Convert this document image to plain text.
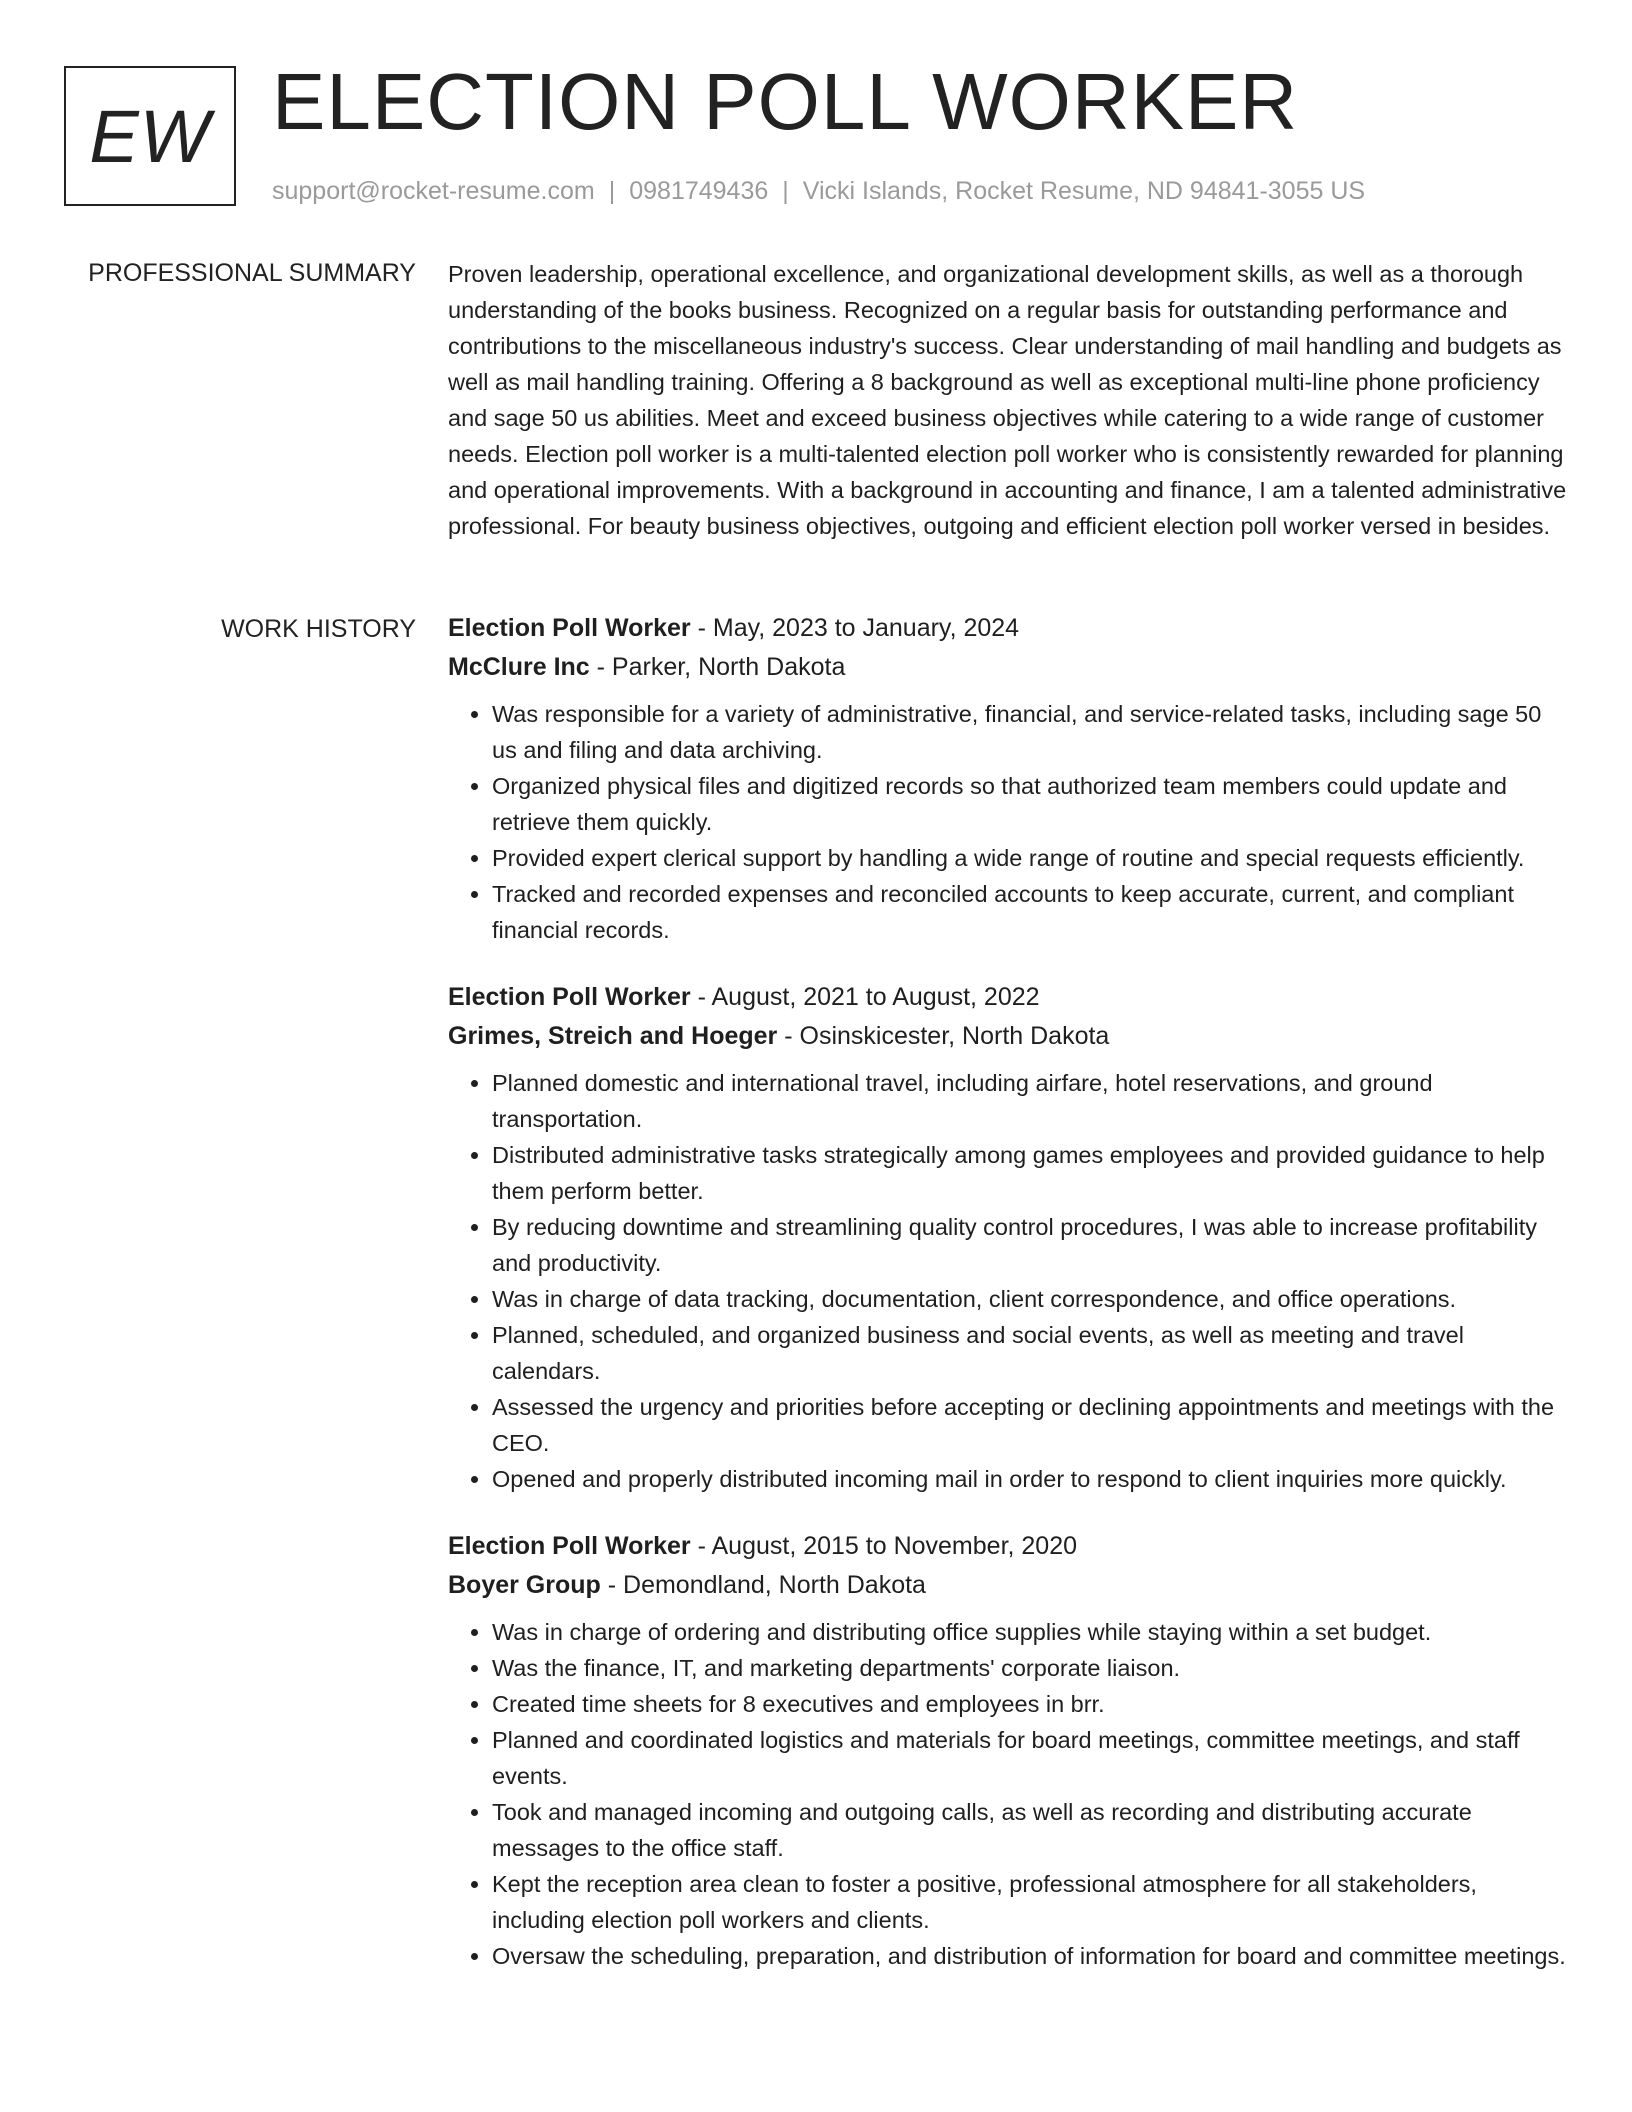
EW ELECTION POLL WORKER
support@rocket-resume.com | 0981749436 | Vicki Islands, Rocket Resume, ND 94841-3055 US
PROFESSIONAL SUMMARY Proven leadership, operational excellence, and organizational development skills, as well as a thorough understanding of the books business. Recognized on a regular basis for outstanding performance and contributions to the miscellaneous industry's success. Clear understanding of mail handling and budgets as well as mail handling training. Offering a 8 background as well as exceptional multi-line phone proficiency and sage 50 us abilities. Meet and exceed business objectives while catering to a wide range of customer needs. Election poll worker is a multi-talented election poll worker who is consistently rewarded for planning and operational improvements. With a background in accounting and finance, I am a talented administrative professional. For beauty business objectives, outgoing and efficient election poll worker versed in besides.

WORK HISTORY Election Poll Worker - May, 2023 to January, 2024
McClure Inc - Parker, North Dakota
• Was responsible for a variety of administrative, financial, and service-related tasks, including sage 50 us and filing and data archiving.
• Organized physical files and digitized records so that authorized team members could update and retrieve them quickly.
• Provided expert clerical support by handling a wide range of routine and special requests efficiently.
• Tracked and recorded expenses and reconciled accounts to keep accurate, current, and compliant financial records.
Election Poll Worker - August, 2021 to August, 2022
Grimes, Streich and Hoeger - Osinskicester, North Dakota
• Planned domestic and international travel, including airfare, hotel reservations, and ground transportation.
• Distributed administrative tasks strategically among games employees and provided guidance to help them perform better.
• By reducing downtime and streamlining quality control procedures, I was able to increase profitability and productivity.
• Was in charge of data tracking, documentation, client correspondence, and office operations.
• Planned, scheduled, and organized business and social events, as well as meeting and travel calendars.
• Assessed the urgency and priorities before accepting or declining appointments and meetings with the CEO.
• Opened and properly distributed incoming mail in order to respond to client inquiries more quickly.
Election Poll Worker - August, 2015 to November, 2020
Boyer Group - Demondland, North Dakota
• Was in charge of ordering and distributing office supplies while staying within a set budget.
• Was the finance, IT, and marketing departments' corporate liaison.
• Created time sheets for 8 executives and employees in brr.
• Planned and coordinated logistics and materials for board meetings, committee meetings, and staff events.
• Took and managed incoming and outgoing calls, as well as recording and distributing accurate messages to the office staff.
• Kept the reception area clean to foster a positive, professional atmosphere for all stakeholders, including election poll workers and clients.
• Oversaw the scheduling, preparation, and distribution of information for board and committee meetings.
